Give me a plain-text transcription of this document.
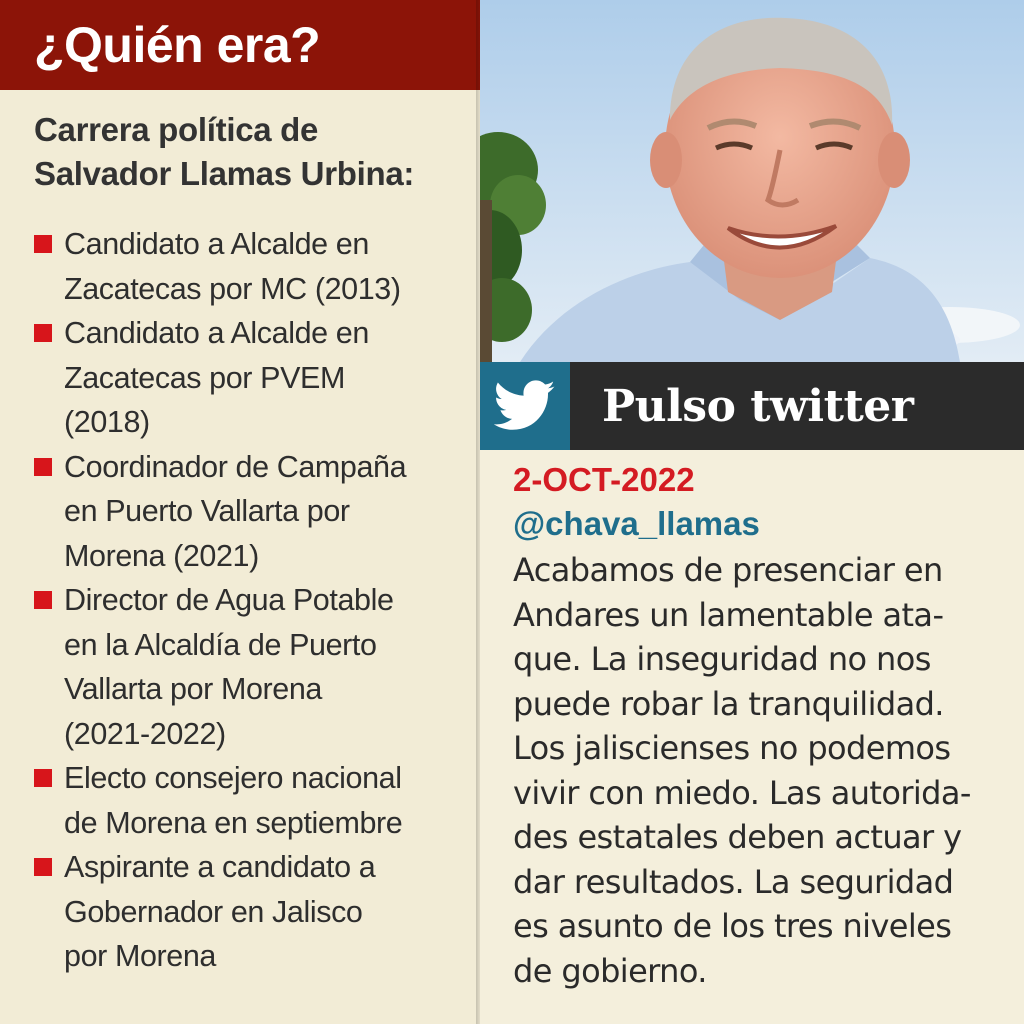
¿Quién era?
Carrera política de
Salvador Llamas Urbina:
Candidato a Alcalde en
Zacatecas por MC (2013)
Candidato a Alcalde en
Zacatecas por PVEM
(2018)
Coordinador de Campaña
en Puerto Vallarta por
Morena (2021)
Director de Agua Potable
en la Alcaldía de Puerto
Vallarta por Morena
(2021-2022)
Electo consejero nacional
de Morena en septiembre
Aspirante a candidato a
Gobernador en Jalisco
por Morena
Pulso twitter
2-OCT-2022
@chava_llamas
Acabamos de presenciar en
Andares un lamentable ata-
que. La inseguridad no nos
puede robar la tranquilidad.
Los jaliscienses no podemos
vivir con miedo. Las autorida-
des estatales deben actuar y
dar resultados. La seguridad
es asunto de los tres niveles
de gobierno.
